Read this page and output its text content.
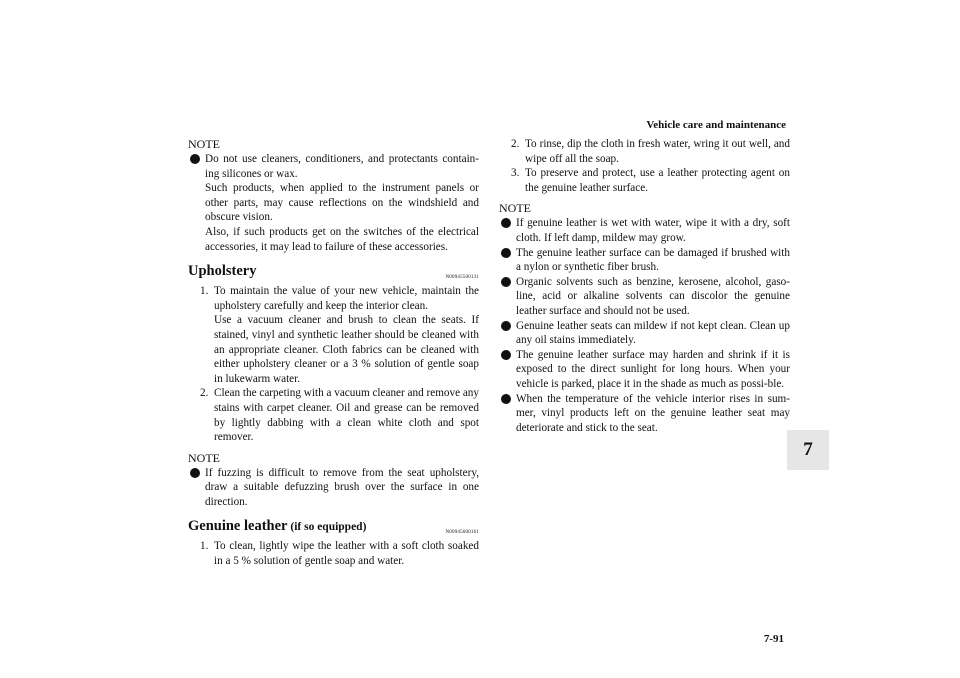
Vehicle care and maintenance
7
7-91
NOTE

Do not use cleaners, conditioners, and protectants contain-ing silicones or wax.

Such products, when applied to the instrument panels or other parts, may cause reflections on the windshield and obscure vision.

Also, if such products get on the switches of the electrical accessories, it may lead to failure of these accessories.

Upholstery	N00945500131
1. To maintain the value of your new vehicle, maintain the upholstery carefully and keep the interior clean.

Use a vacuum cleaner and brush to clean the seats. If stained, vinyl and synthetic leather should be cleaned with an appropriate cleaner. Cloth fabrics can be cleaned with either upholstery cleaner or a 3 % solution of gentle soap in lukewarm water.

2. Clean the carpeting with a vacuum cleaner and remove any stains with carpet cleaner. Oil and grease can be removed by lightly dabbing with a clean white cloth and spot remover.

NOTE

If fuzzing is difficult to remove from the seat upholstery, draw a suitable defuzzing brush over the surface in one direction.

Genuine leather (if so equipped)	N00945600161
1. To clean, lightly wipe the leather with a soft cloth soaked in a 5 % solution of gentle soap and water.

2. To rinse, dip the cloth in fresh water, wring it out well, and wipe off all the soap.

3. To preserve and protect, use a leather protecting agent on the genuine leather surface.

NOTE

If genuine leather is wet with water, wipe it with a dry, soft cloth. If left damp, mildew may grow.

The genuine leather surface can be damaged if brushed with a nylon or synthetic fiber brush.

Organic solvents such as benzine, kerosene, alcohol, gaso-line, acid or alkaline solvents can discolor the genuine leather surface and should not be used.

Genuine leather seats can mildew if not kept clean. Clean up any oil stains immediately.

The genuine leather surface may harden and shrink if it is exposed to the direct sunlight for long hours. When your vehicle is parked, place it in the shade as much as possi-ble.

When the temperature of the vehicle interior rises in sum-mer, vinyl products left on the genuine leather seat may deteriorate and stick to the seat.
